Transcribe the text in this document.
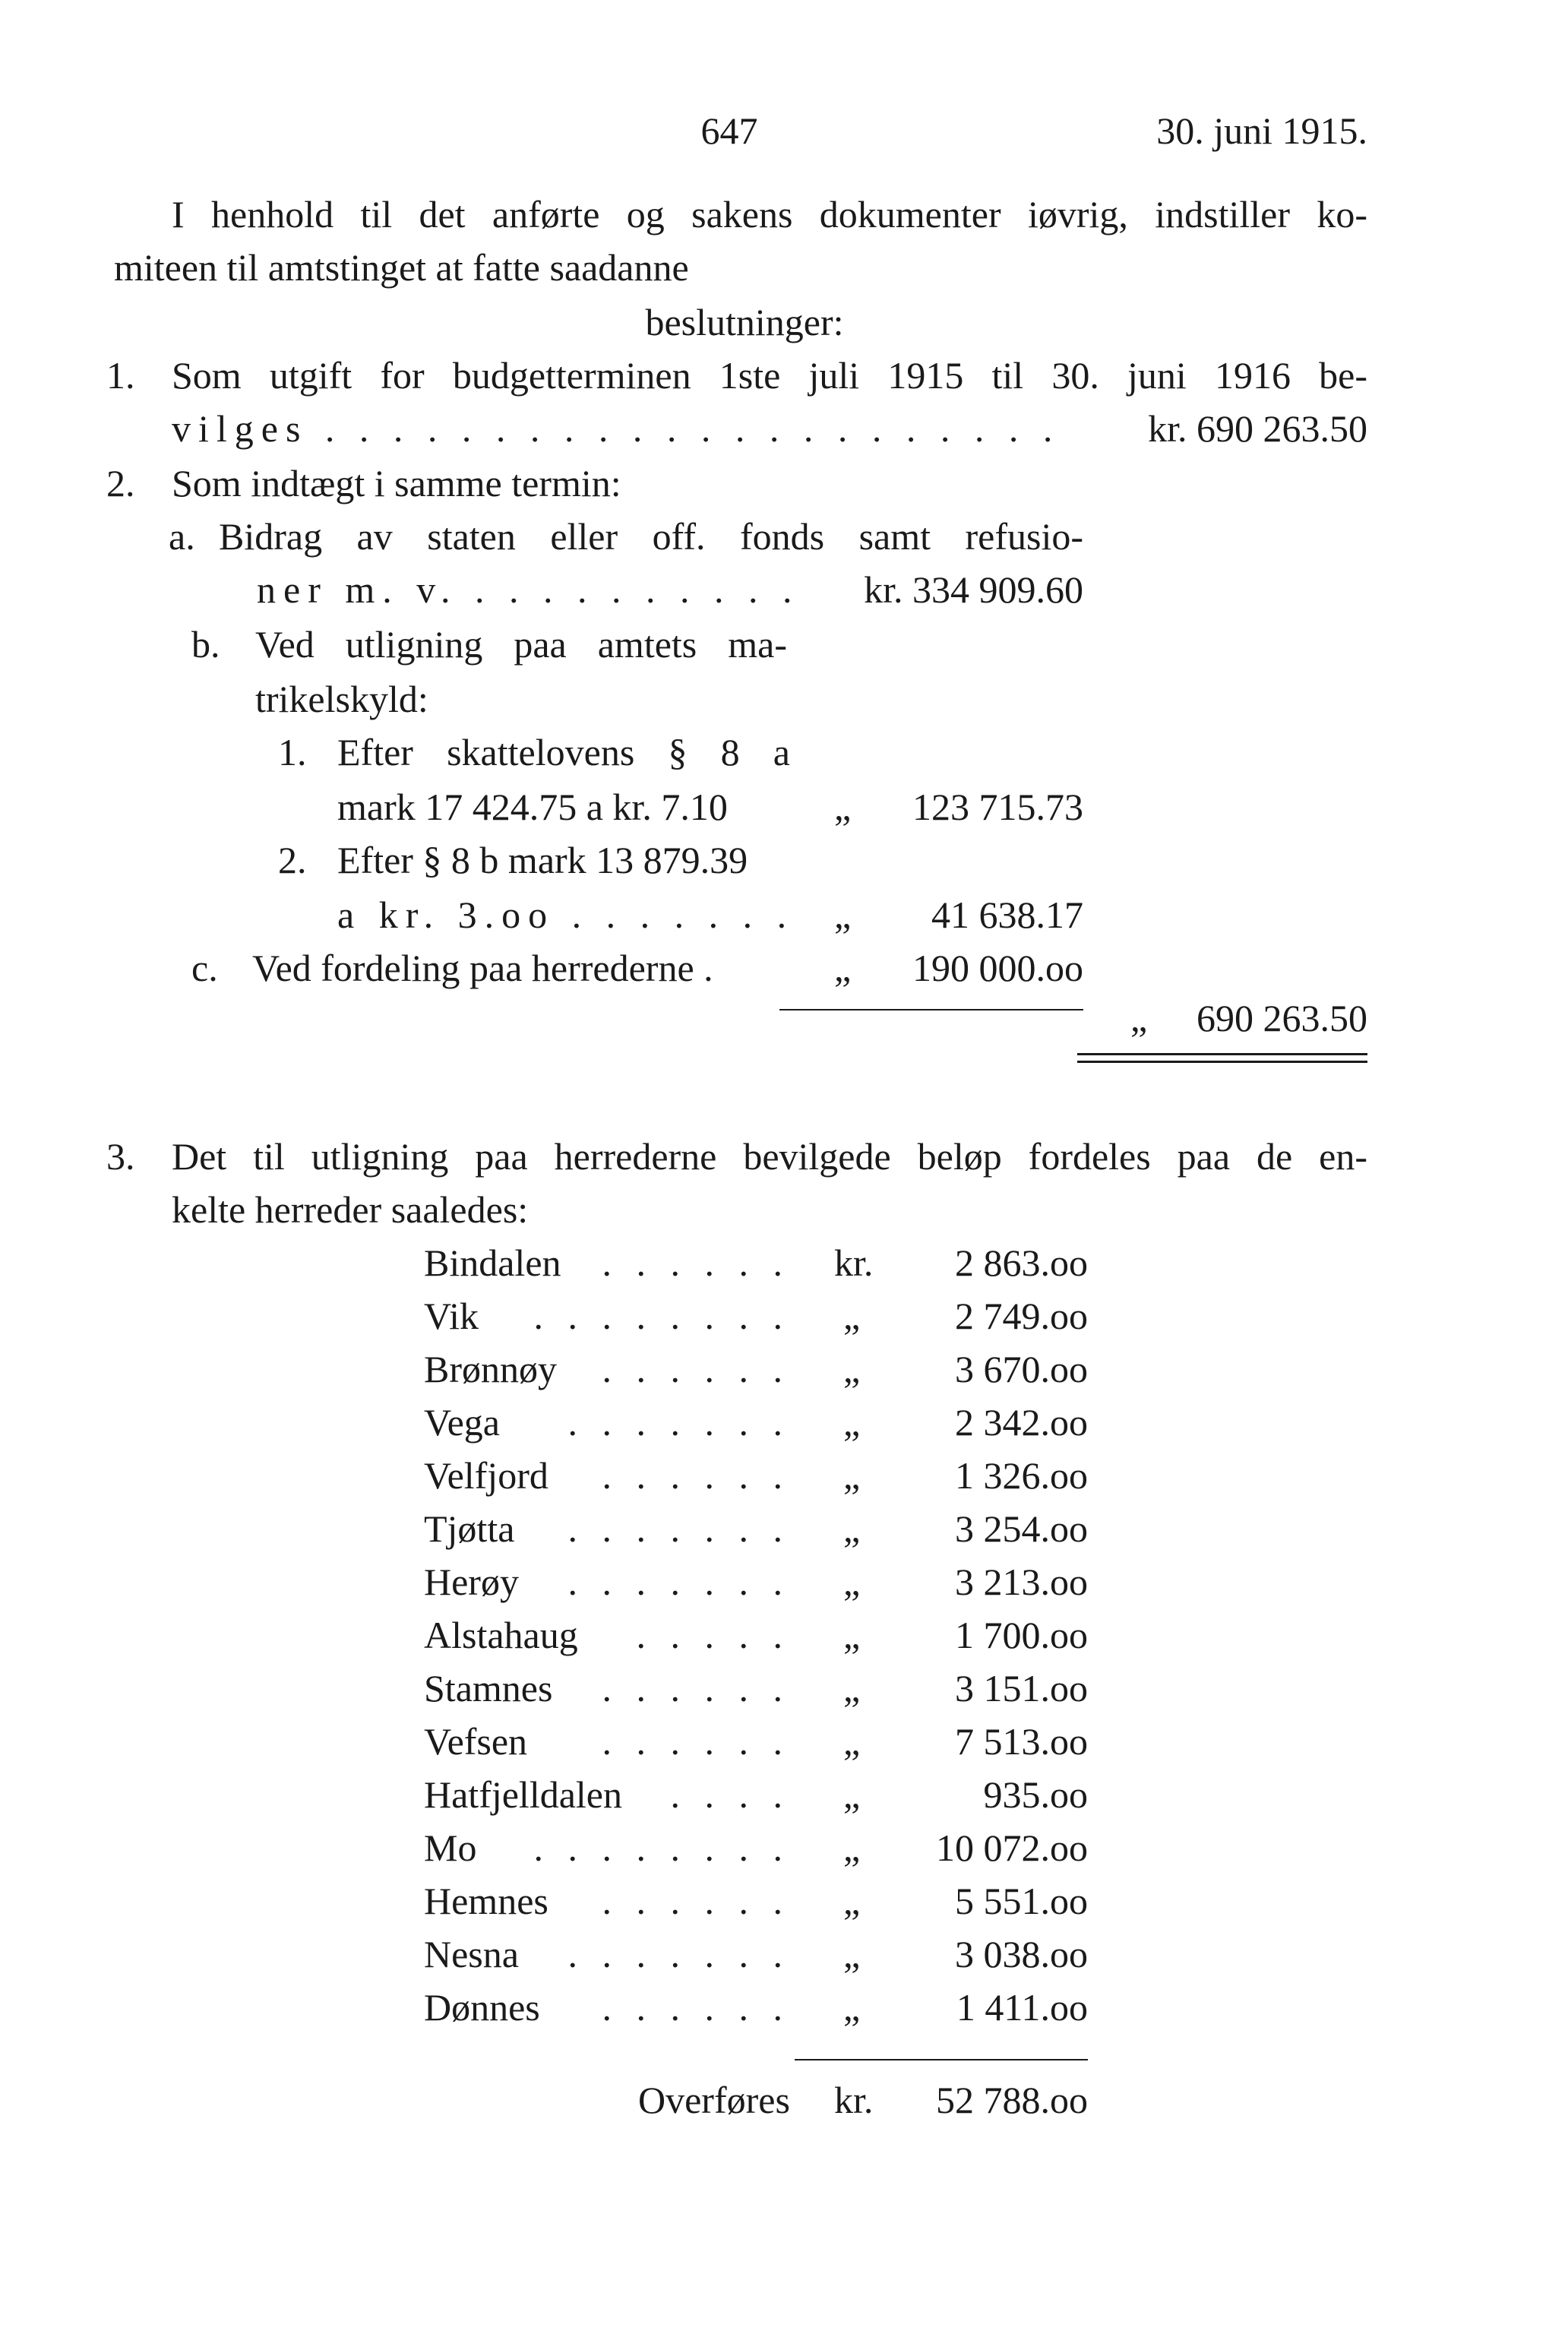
647	30. juni 1915.
I henhold til det anførte og sakens dokumenter iøvrig, indstiller ko-
miteen til amtstinget at fatte saadanne
beslutninger:
1. Som utgift for budgetterminen 1ste juli 1915 til 30. juni 1916 be-
vilges . . . . . . . . . . . . . . . . . . . . . .	kr. 690 263.50
2. Som indtægt i samme termin:
a. Bidrag av staten eller off. fonds samt refusio-
ner m. v. . . . . . . . . . .	kr. 334 909.60
b. Ved utligning paa amtets ma-
trikelskyld:
1. Efter skattelovens § 8 a
mark 17 424.75 a kr. 7.10	„	123 715.73
2. Efter § 8 b mark 13 879.39
a kr. 3.oo . . . . . . . „	41 638.17
c. Ved fordeling paa herrederne .	„	190 000.oo
„	690 263.50
3. Det til utligning paa herrederne bevilgede beløp fordeles paa de en-
kelte herreder saaledes:
Bindalen	. . . . . . kr.	2 863.oo
Vik	. . . . . . . . „	2 749.oo
Brønnøy	. . . . . . „	3 670.oo
Vega	. . . . . . . „	2 342.oo
Velfjord	. . . . . . „	1 326.oo
Tjøtta	. . . . . . . „	3 254.oo
Herøy	. . . . . . . „	3 213.oo
Alstahaug	. . . . . „	1 700.oo
Stamnes	. . . . . . „	3 151.oo
Vefsen	. . . . . . „	7 513.oo
Hatfjelldalen	. . . . „	935.oo
Mo	. . . . . . . . „	10 072.oo
Hemnes	. . . . . . „	5 551.oo
Nesna	. . . . . . . „	3 038.oo
Dønnes	. . . . . . „	1 411.oo
Overføres kr.	52 788.oo
